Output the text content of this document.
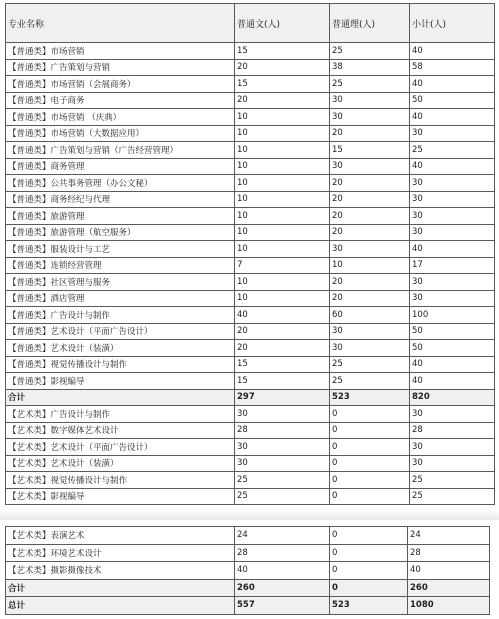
专业名称	普通文(人)	普通理(人)	小计(人)
【普通类】市场营销	15	25	40
【普通类】广告策划与营销	20	38	58
【普通类】市场营销（会展商务）	15	25	40
【普通类】电子商务	20	30	50
【普通类】市场营销 （庆典）	10	30	40
【普通类】市场营销（大数据应用）	10	20	30
【普通类】广告策划与营销（广告经营管理）	10	15	25
【普通类】商务管理	10	30	40
【普通类】公共事务管理（办公文秘）	10	20	30
【普通类】商务经纪与代理	10	20	30
【普通类】旅游管理	10	20	30
【普通类】旅游管理（航空服务）	10	20	30
【普通类】服装设计与工艺	10	30	40
【普通类】连锁经营管理	7	10	17
【普通类】社区管理与服务	10	20	30
【普通类】酒店管理	10	20	30
【普通类】广告设计与制作	40	60	100
【普通类】艺术设计（平面广告设计）	20	30	50
【普通类】艺术设计（装潢）	20	30	50
【普通类】视觉传播设计与制作	15	25	40
【普通类】影视编导	15	25	40
合计	297	523	820
【艺术类】广告设计与制作	30	0	30
【艺术类】数字媒体艺术设计	28	0	28
【艺术类】艺术设计（平面广告设计）	30	0	30
【艺术类】艺术设计（装潢）	30	0	30
【艺术类】视觉传播设计与制作	25	0	25
【艺术类】影视编导	25	0	25
【艺术类】表演艺术	24	0	24
【艺术类】环境艺术设计	28	0	28
【艺术类】摄影摄像技术	40	0	40
合计	260	0	260
总计	557	523	1080
